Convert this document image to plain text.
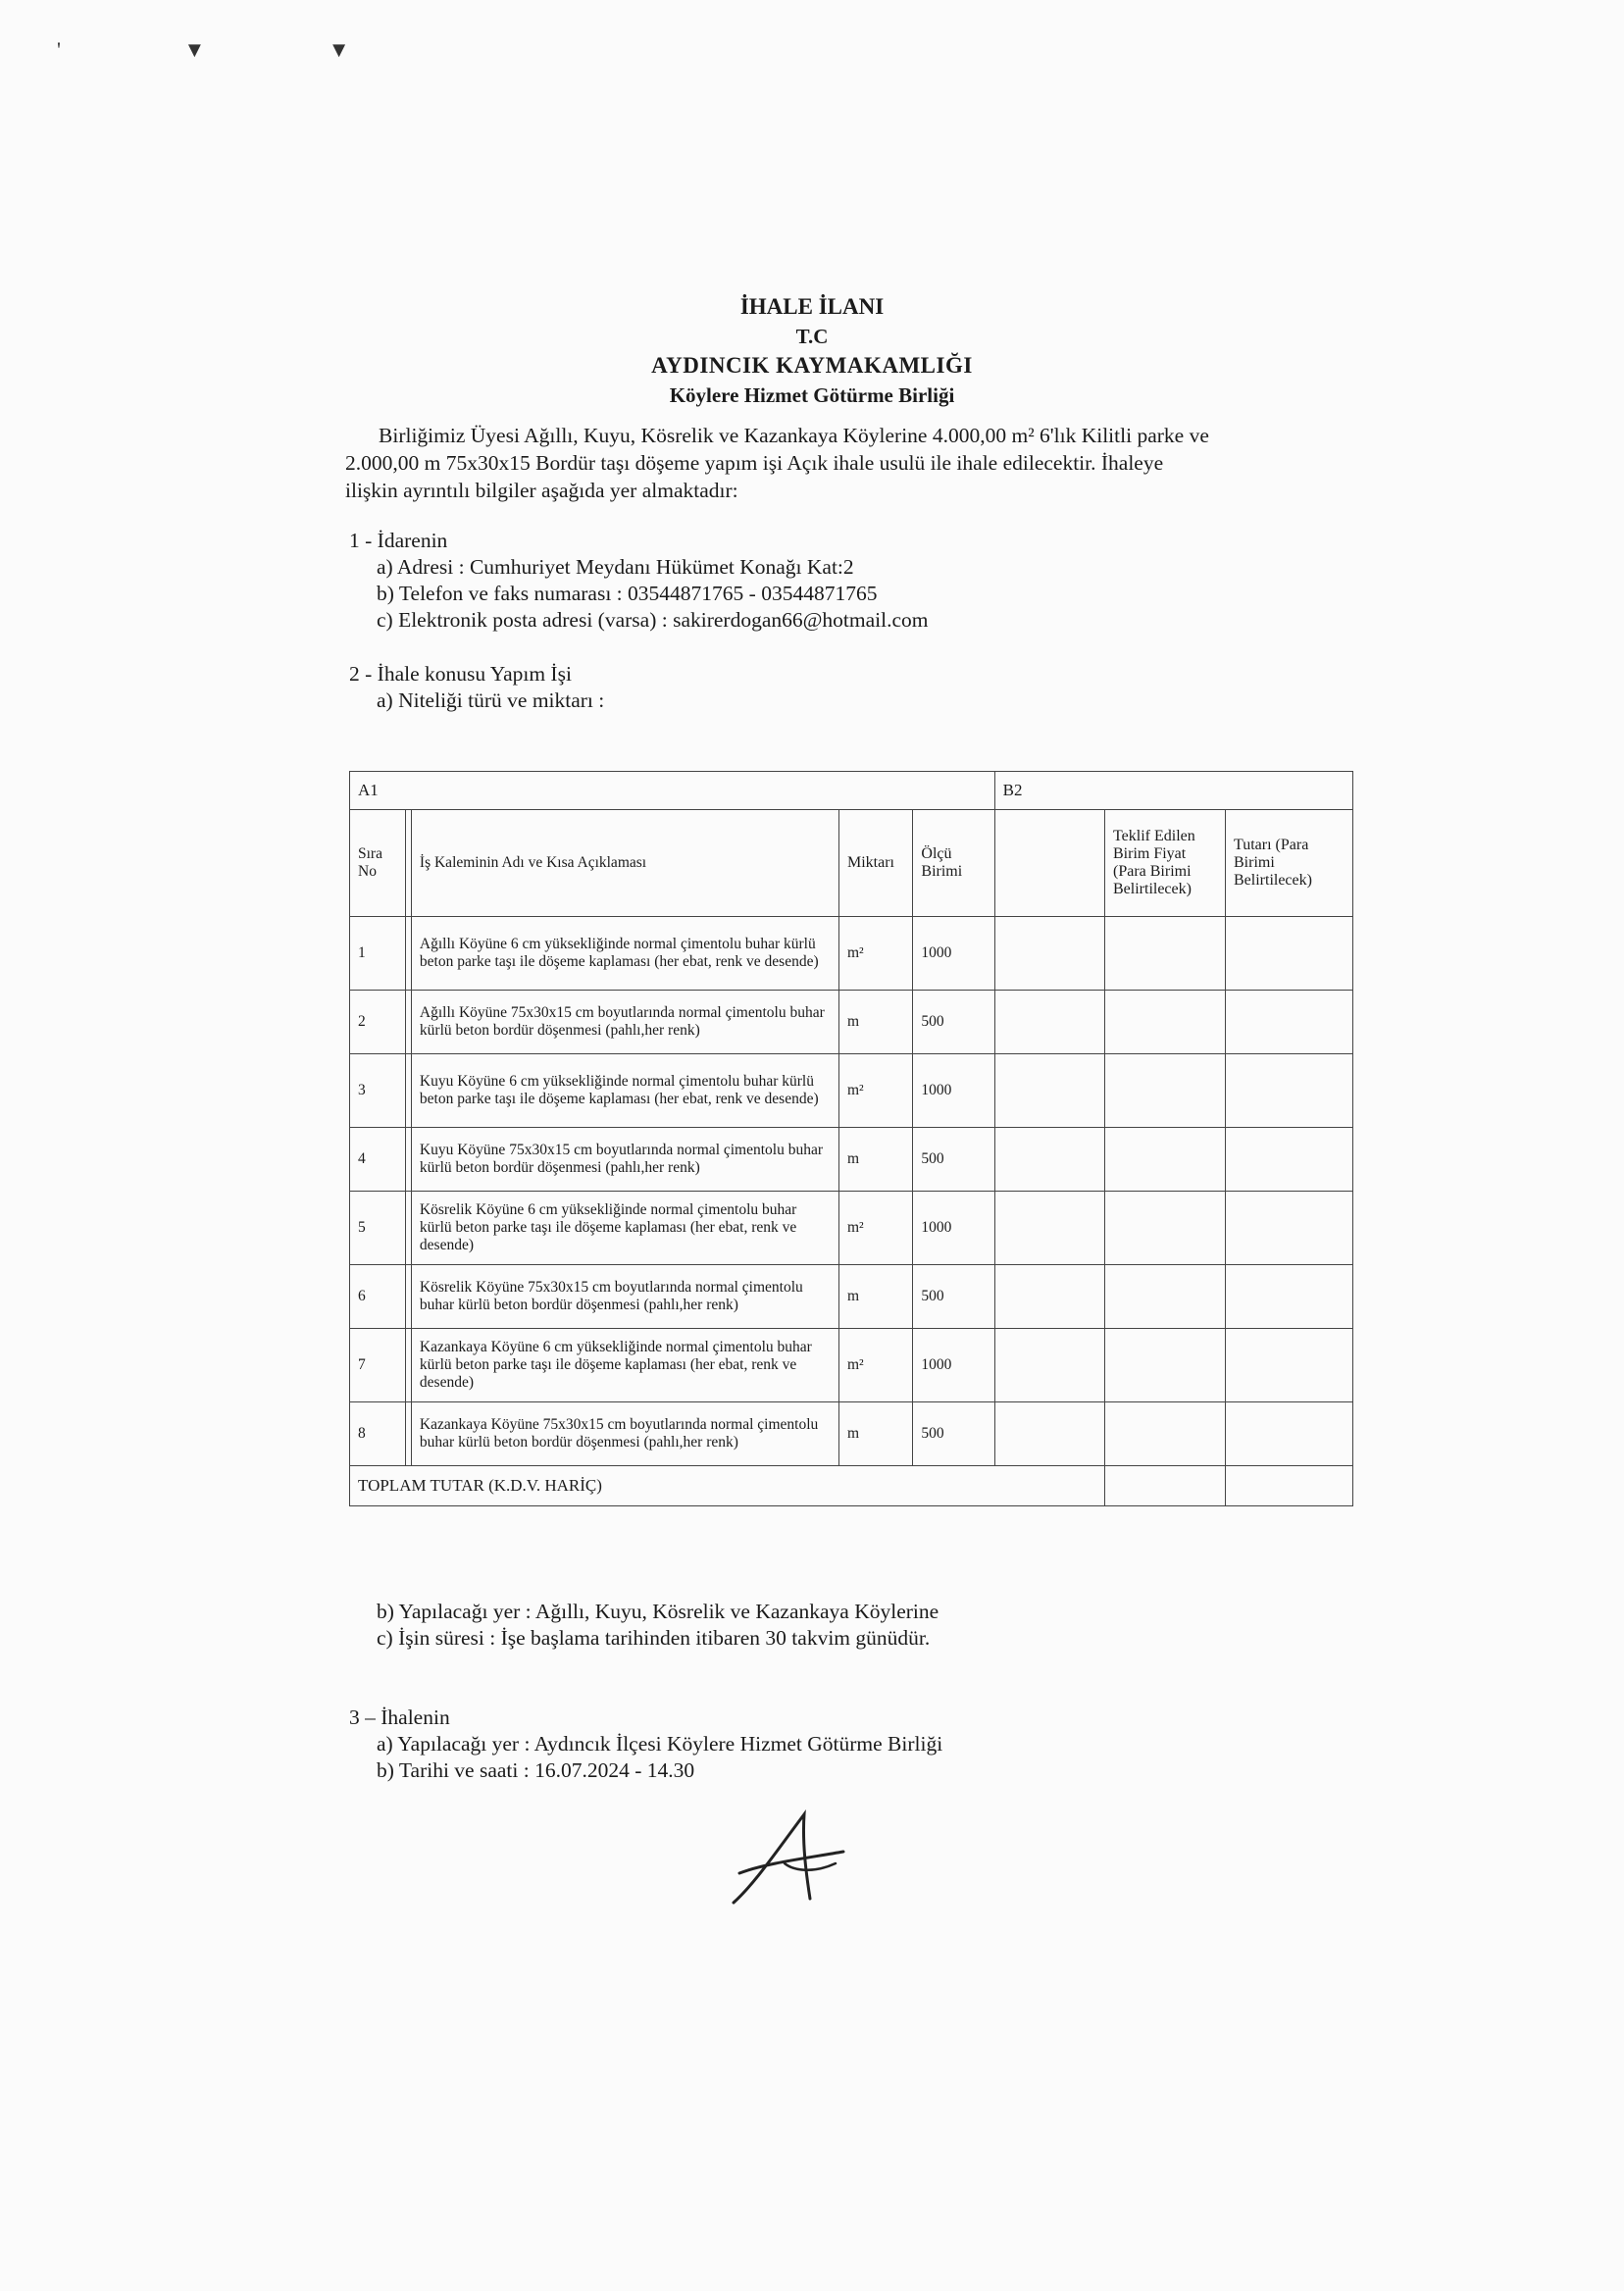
' ▼ ▼
İHALE İLANI
T.C
AYDINCIK KAYMAKAMLIĞI
Köylere Hizmet Götürme Birliği

Birliğimiz Üyesi Ağıllı, Kuyu, Kösrelik ve Kazankaya Köylerine 4.000,00 m² 6'lık Kilitli parke ve

2.000,00 m 75x30x15 Bordür taşı döşeme yapım işi Açık ihale usulü ile ihale edilecektir. İhaleye
ilişkin ayrıntılı bilgiler aşağıda yer almaktadır:
1 - İdarenin
a) Adresi : Cumhuriyet Meydanı Hükümet Konağı Kat:2
b) Telefon ve faks numarası : 03544871765 - 03544871765
c) Elektronik posta adresi (varsa) : sakirerdogan66@hotmail.com
2 - İhale konusu Yapım İşi
a) Niteliği türü ve miktarı :
A1					B2		
Sıra No		İş Kaleminin Adı ve Kısa Açıklaması	Miktarı	Ölçü Birimi		Teklif Edilen Birim Fiyat (Para Birimi Belirtilecek)	Tutarı (Para Birimi Belirtilecek)
1		Ağıllı Köyüne 6 cm yüksekliğinde normal çimentolu buhar kürlü beton parke taşı ile döşeme kaplaması (her ebat, renk ve desende)	m²	1000			
2		Ağıllı Köyüne 75x30x15 cm boyutlarında normal çimentolu buhar kürlü beton bordür döşenmesi (pahlı,her renk)	m	500			
3		Kuyu Köyüne 6 cm yüksekliğinde normal çimentolu buhar kürlü beton parke taşı ile döşeme kaplaması (her ebat, renk ve desende)	m²	1000			
4		Kuyu Köyüne 75x30x15 cm boyutlarında normal çimentolu buhar kürlü beton bordür döşenmesi (pahlı,her renk)	m	500			
5		Kösrelik Köyüne 6 cm yüksekliğinde normal çimentolu buhar kürlü beton parke taşı ile döşeme kaplaması (her ebat, renk ve desende)	m²	1000			
6		Kösrelik Köyüne 75x30x15 cm boyutlarında normal çimentolu buhar kürlü beton bordür döşenmesi (pahlı,her renk)	m	500			
7		Kazankaya Köyüne 6 cm yüksekliğinde normal çimentolu buhar kürlü beton parke taşı ile döşeme kaplaması (her ebat, renk ve desende)	m²	1000			
8		Kazankaya Köyüne 75x30x15 cm boyutlarında normal çimentolu buhar kürlü beton bordür döşenmesi (pahlı,her renk)	m	500			
TOPLAM TUTAR (K.D.V. HARİÇ)							
b) Yapılacağı yer : Ağıllı, Kuyu, Kösrelik ve Kazankaya Köylerine
c) İşin süresi : İşe başlama tarihinden itibaren 30 takvim günüdür.
3 – İhalenin
a) Yapılacağı yer : Aydıncık İlçesi Köylere Hizmet Götürme Birliği
b) Tarihi ve saati : 16.07.2024 - 14.30
